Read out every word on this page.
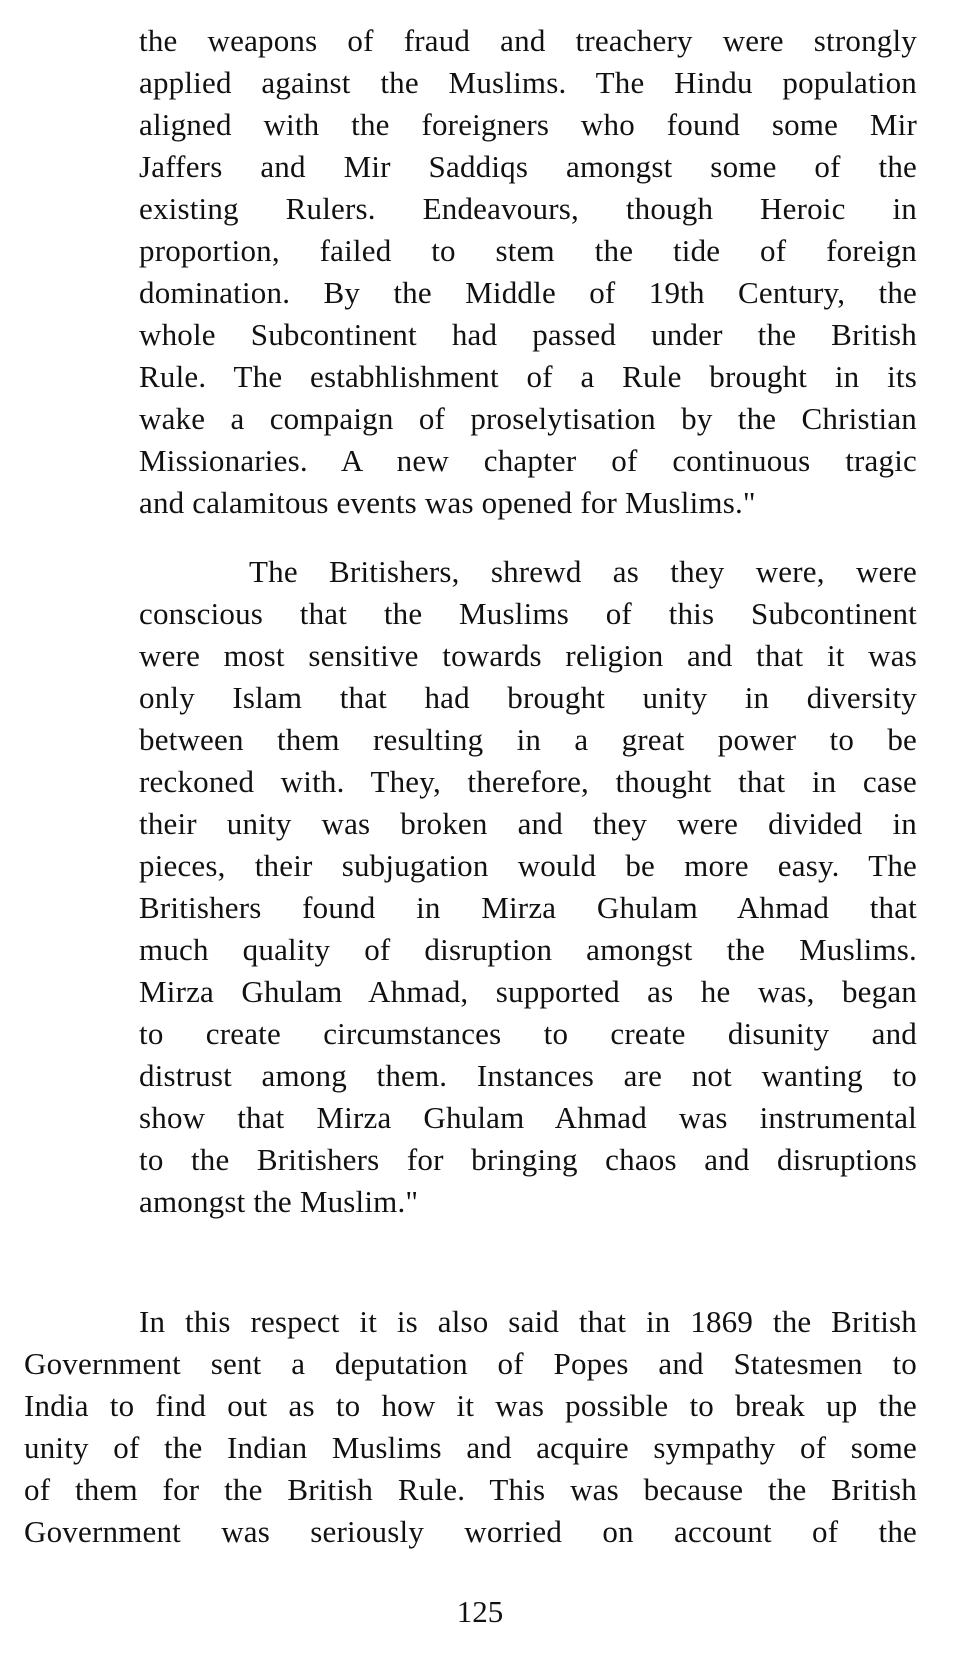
the weapons of fraud and treachery were strongly
applied against the Muslims. The Hindu population
aligned with the foreigners who found some Mir
Jaffers and Mir Saddiqs amongst some of the
existing Rulers. Endeavours, though Heroic in
proportion, failed to stem the tide of foreign
domination. By the Middle of 19th Century, the
whole Subcontinent had passed under the British
Rule. The estabhlishment of a Rule brought in its
wake a compaign of proselytisation by the Christian
Missionaries. A new chapter of continuous tragic
and calamitous events was opened for Muslims."
The Britishers, shrewd as they were, were
conscious that the Muslims of this Subcontinent
were most sensitive towards religion and that it was
only Islam that had brought unity in diversity
between them resulting in a great power to be
reckoned with. They, therefore, thought that in case
their unity was broken and they were divided in
pieces, their subjugation would be more easy. The
Britishers found in Mirza Ghulam Ahmad that
much quality of disruption amongst the Muslims.
Mirza Ghulam Ahmad, supported as he was, began
to create circumstances to create disunity and
distrust among them. Instances are not wanting to
show that Mirza Ghulam Ahmad was instrumental
to the Britishers for bringing chaos and disruptions
amongst the Muslim."
In this respect it is also said that in 1869 the British
Government sent a deputation of Popes and Statesmen to
India to find out as to how it was possible to break up the
unity of the Indian Muslims and acquire sympathy of some
of them for the British Rule. This was because the British
Government was seriously worried on account of the
125
